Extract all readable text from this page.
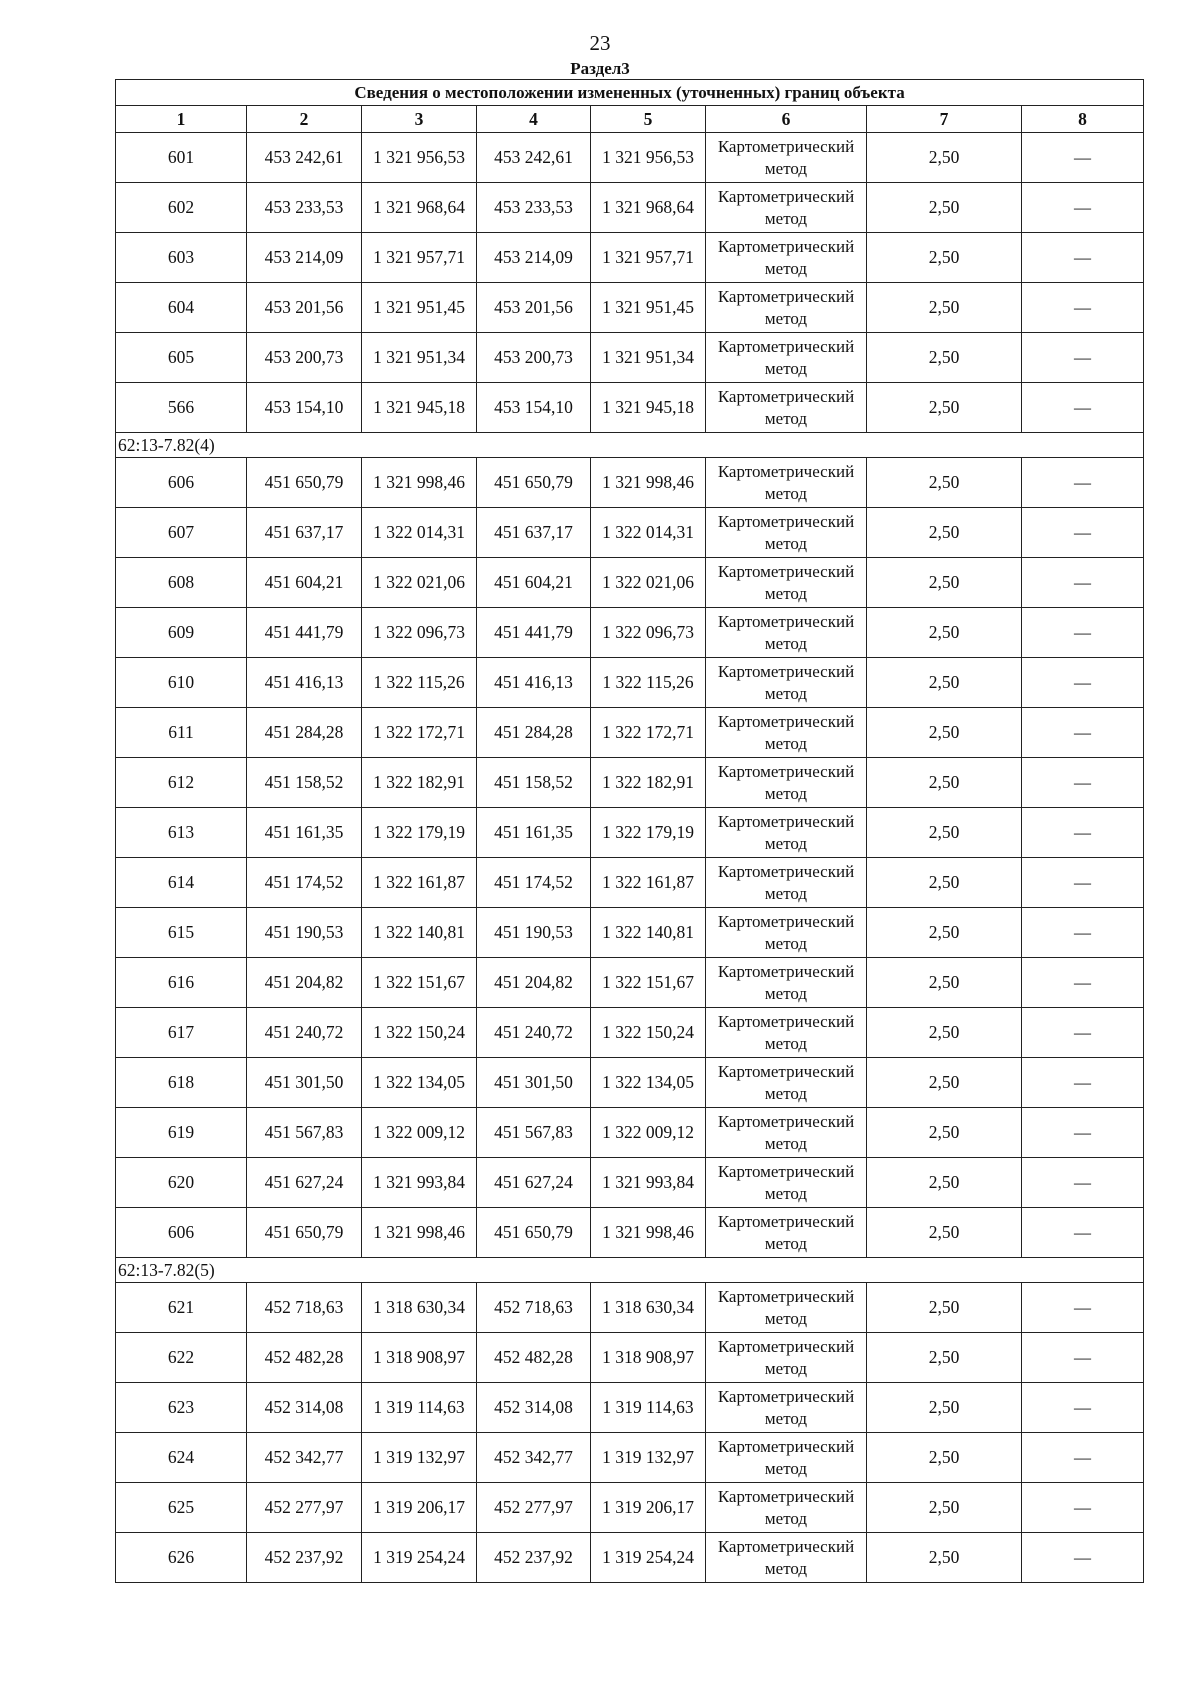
23
Раздел3
Сведения о местоположении измененных (уточненных) границ объекта							
1	2	3	4	5	6	7	8
601	453 242,61	1 321 956,53	453 242,61	1 321 956,53	Картометрический метод	2,50	—
602	453 233,53	1 321 968,64	453 233,53	1 321 968,64	Картометрический метод	2,50	—
603	453 214,09	1 321 957,71	453 214,09	1 321 957,71	Картометрический метод	2,50	—
604	453 201,56	1 321 951,45	453 201,56	1 321 951,45	Картометрический метод	2,50	—
605	453 200,73	1 321 951,34	453 200,73	1 321 951,34	Картометрический метод	2,50	—
566	453 154,10	1 321 945,18	453 154,10	1 321 945,18	Картометрический метод	2,50	—
62:13-7.82(4)							
606	451 650,79	1 321 998,46	451 650,79	1 321 998,46	Картометрический метод	2,50	—
607	451 637,17	1 322 014,31	451 637,17	1 322 014,31	Картометрический метод	2,50	—
608	451 604,21	1 322 021,06	451 604,21	1 322 021,06	Картометрический метод	2,50	—
609	451 441,79	1 322 096,73	451 441,79	1 322 096,73	Картометрический метод	2,50	—
610	451 416,13	1 322 115,26	451 416,13	1 322 115,26	Картометрический метод	2,50	—
611	451 284,28	1 322 172,71	451 284,28	1 322 172,71	Картометрический метод	2,50	—
612	451 158,52	1 322 182,91	451 158,52	1 322 182,91	Картометрический метод	2,50	—
613	451 161,35	1 322 179,19	451 161,35	1 322 179,19	Картометрический метод	2,50	—
614	451 174,52	1 322 161,87	451 174,52	1 322 161,87	Картометрический метод	2,50	—
615	451 190,53	1 322 140,81	451 190,53	1 322 140,81	Картометрический метод	2,50	—
616	451 204,82	1 322 151,67	451 204,82	1 322 151,67	Картометрический метод	2,50	—
617	451 240,72	1 322 150,24	451 240,72	1 322 150,24	Картометрический метод	2,50	—
618	451 301,50	1 322 134,05	451 301,50	1 322 134,05	Картометрический метод	2,50	—
619	451 567,83	1 322 009,12	451 567,83	1 322 009,12	Картометрический метод	2,50	—
620	451 627,24	1 321 993,84	451 627,24	1 321 993,84	Картометрический метод	2,50	—
606	451 650,79	1 321 998,46	451 650,79	1 321 998,46	Картометрический метод	2,50	—
62:13-7.82(5)							
621	452 718,63	1 318 630,34	452 718,63	1 318 630,34	Картометрический метод	2,50	—
622	452 482,28	1 318 908,97	452 482,28	1 318 908,97	Картометрический метод	2,50	—
623	452 314,08	1 319 114,63	452 314,08	1 319 114,63	Картометрический метод	2,50	—
624	452 342,77	1 319 132,97	452 342,77	1 319 132,97	Картометрический метод	2,50	—
625	452 277,97	1 319 206,17	452 277,97	1 319 206,17	Картометрический метод	2,50	—
626	452 237,92	1 319 254,24	452 237,92	1 319 254,24	Картометрический метод	2,50	—
